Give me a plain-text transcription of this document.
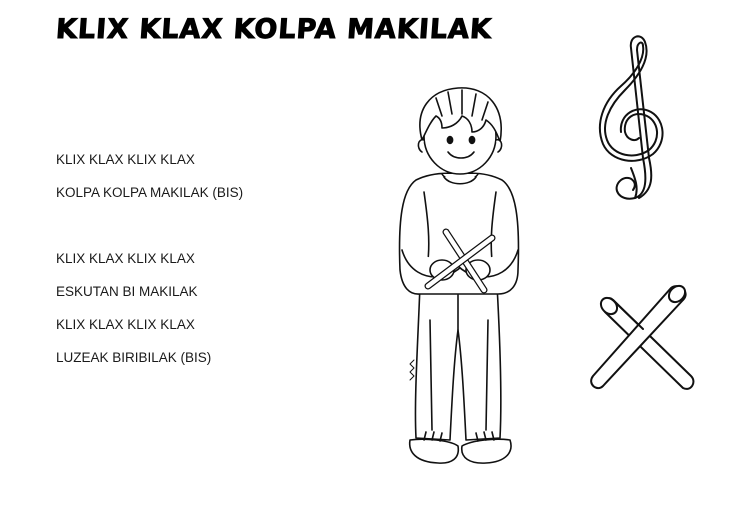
KLIX KLAX KOLPA MAKILAK
KLIX KLAX KLIX KLAX
KOLPA KOLPA MAKILAK (BIS)
KLIX KLAX KLIX KLAX
ESKUTAN BI MAKILAK
KLIX KLAX KLIX KLAX
LUZEAK BIRIBILAK (BIS)
